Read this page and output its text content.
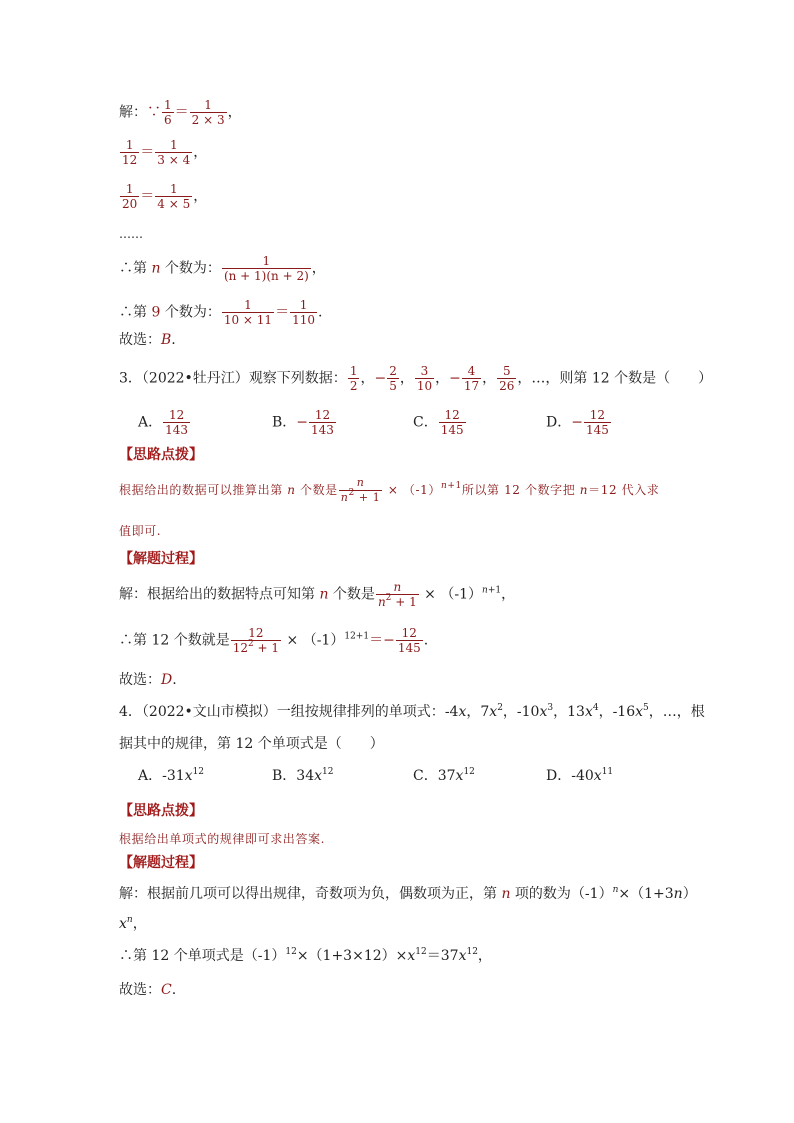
解：∵ $\frac{1}{6} = \frac{1}{2 \times 3}$ ，
$\frac{1}{12} = \frac{1}{3 \times 4}$ ，
$\frac{1}{20} = \frac{1}{4 \times 5}$ ，
……
∴第 n 个数为： $\frac{1}{(n + 1)(n + 2)}$ ，
∴第 9 个数为： $\frac{1}{10 \times 11} = \frac{1}{110}$ .
故选：B.
3．（2022•牡丹江）观察下列数据： $\frac{1}{2}$ ，− $\frac{2}{5}$ ， $\frac{3}{10}$ ，− $\frac{4}{17}$ ， $\frac{5}{26}$ ，…，则第 12 个数是（　　）
A． $\frac{12}{143}$	B．− $\frac{12}{143}$	C． $\frac{12}{145}$	D．− $\frac{12}{145}$
【思路点拨】
根据给出的数据可以推算出第 n 个数是 $\frac{n}{n^2 + 1} \times (-1)^{n+1}$所以第 12 个数字把 n＝12 代入求
值即可.
【解题过程】
解：根据给出的数据特点可知第 n 个数是 $\frac{n}{n^2 + 1} \times (-1)^{n+1}$，
∴第 12 个数就是 $\frac{12}{12^2 + 1} \times (-1)^{12+1}=- \frac{12}{145}$ .
故选：D.
4．（2022•文山市模拟）一组按规律排列的单项式：-4x，$7x^2$，$-10x^3$，$13x^4$，$-16x^5$，…，根
据其中的规律，第 12 个单项式是（　　）
A．$-31x^{12}$	B．$34x^{12}$	C．$37x^{12}$	D．$-40x^{11}$
【思路点拨】
根据给出单项式的规律即可求出答案.
【解题过程】
解：根据前几项可以得出规律，奇数项为负，偶数项为正，第 n 项的数为$(-1)^n\times(1+3n)$
$x^n$，
∴第 12 个单项式是$(-1)^{12}\times(1+3\times 12)\times x^{12}=37x^{12}$，
故选：C.
